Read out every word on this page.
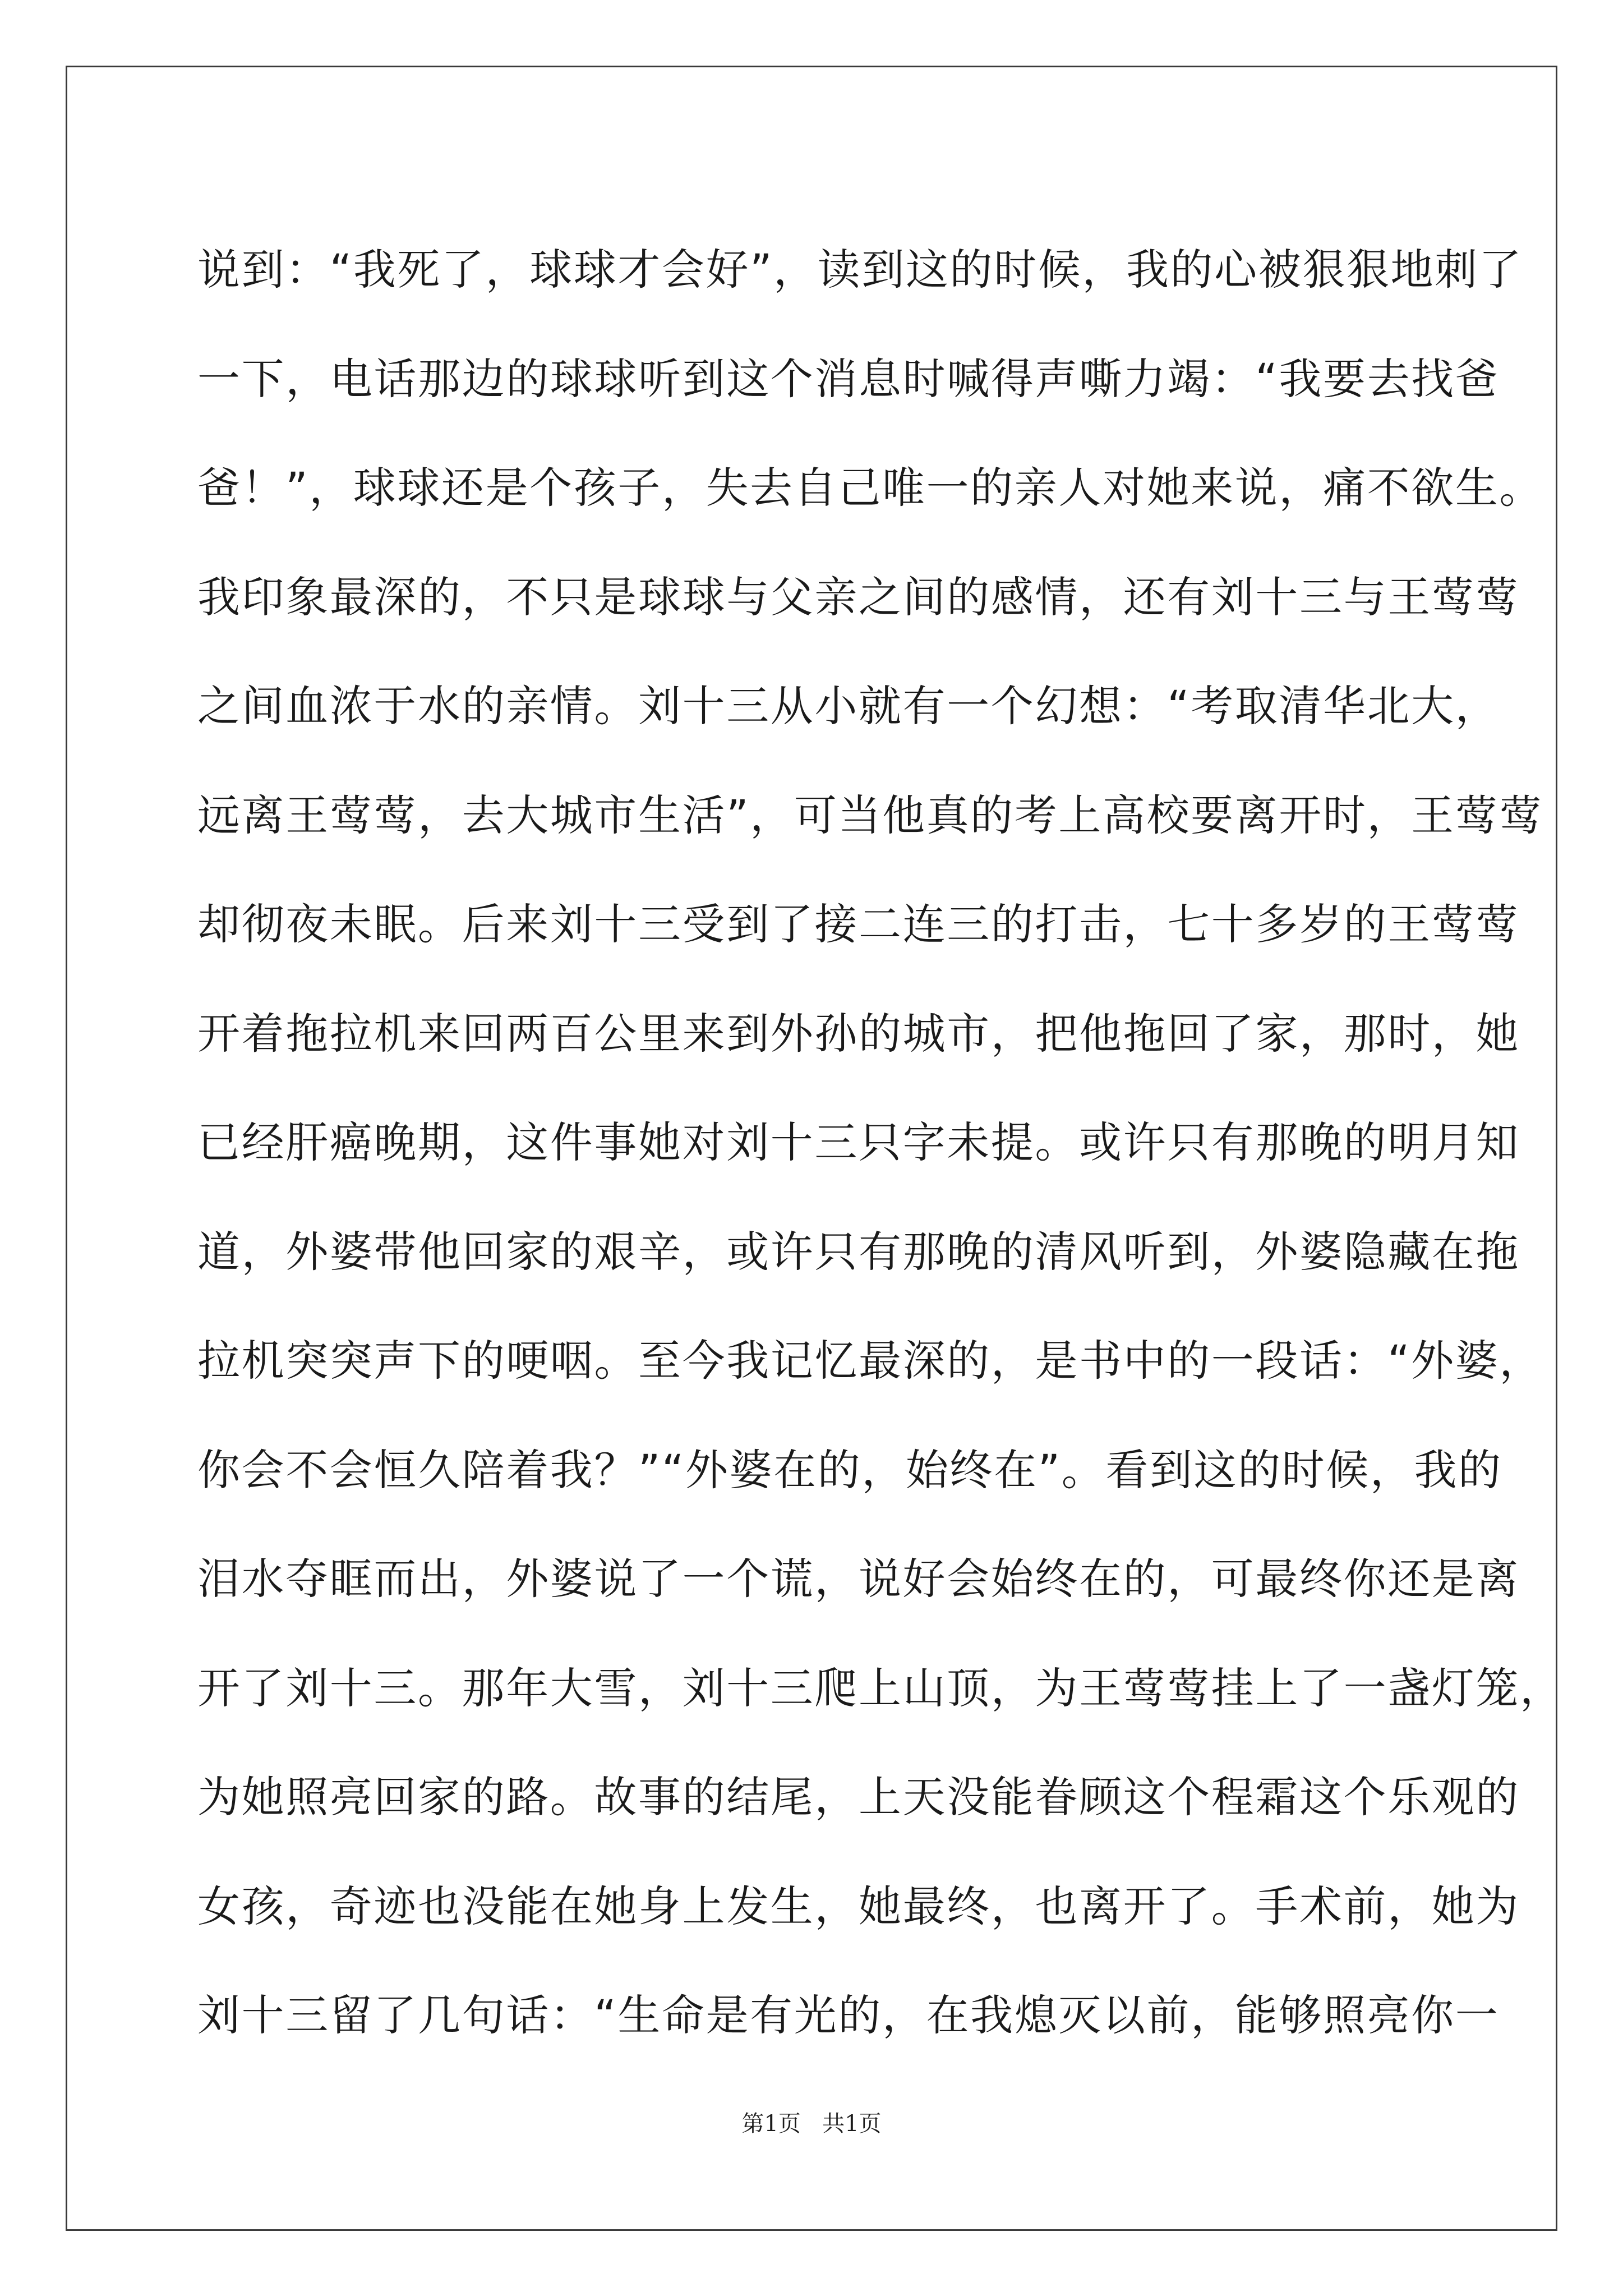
说到：“我死了，球球才会好”，读到这的时候，我的心被狠狠地刺了
一下，电话那边的球球听到这个消息时喊得声嘶力竭：“我要去找爸
爸！”，球球还是个孩子，失去自己唯一的亲人对她来说，痛不欲生。
我印象最深的，不只是球球与父亲之间的感情，还有刘十三与王莺莺
之间血浓于水的亲情。刘十三从小就有一个幻想：“考取清华北大，
远离王莺莺，去大城市生活”，可当他真的考上高校要离开时，王莺莺
却彻夜未眠。后来刘十三受到了接二连三的打击，七十多岁的王莺莺
开着拖拉机来回两百公里来到外孙的城市，把他拖回了家，那时，她
已经肝癌晚期，这件事她对刘十三只字未提。或许只有那晚的明月知
道，外婆带他回家的艰辛，或许只有那晚的清风听到，外婆隐藏在拖
拉机突突声下的哽咽。至今我记忆最深的，是书中的一段话：“外婆，
你会不会恒久陪着我？”“外婆在的，始终在”。看到这的时候，我的
泪水夺眶而出，外婆说了一个谎，说好会始终在的，可最终你还是离
开了刘十三。那年大雪，刘十三爬上山顶，为王莺莺挂上了一盏灯笼，
为她照亮回家的路。故事的结尾，上天没能眷顾这个程霜这个乐观的
女孩，奇迹也没能在她身上发生，她最终，也离开了。手术前，她为
刘十三留了几句话：“生命是有光的，在我熄灭以前，能够照亮你一
第1页 共1页
